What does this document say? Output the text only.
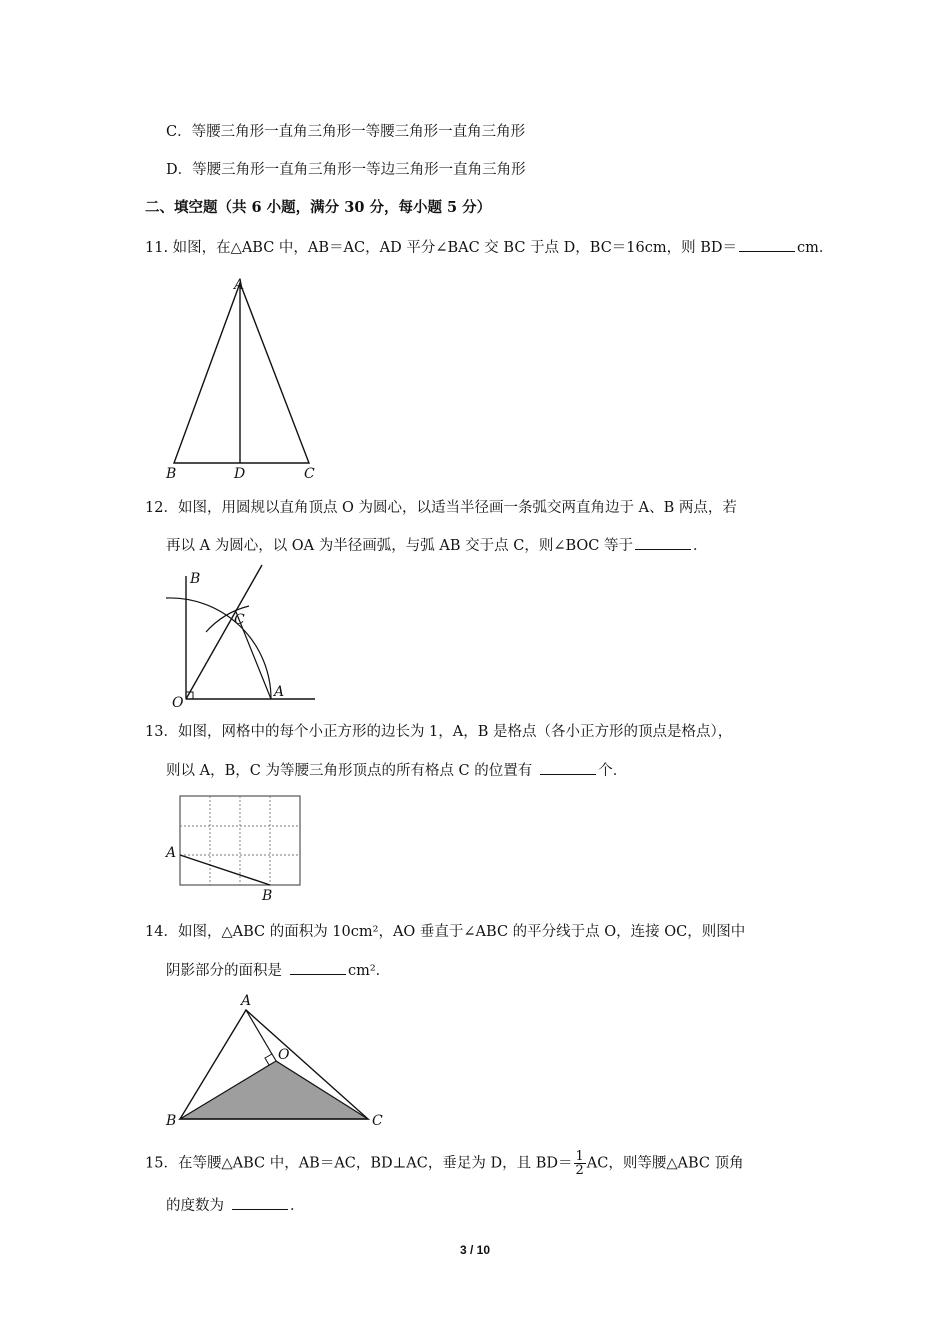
C．等腰三角形一直角三角形一等腰三角形一直角三角形
D．等腰三角形一直角三角形一等边三角形一直角三角形
二、填空题（共 6 小题，满分 30 分，每小题 5 分）
11. 如图，在△ABC 中，AB＝AC，AD 平分∠BAC 交 BC 于点 D，BC＝16cm，则 BD＝	cm．
A
B	D	C
12．如图，用圆规以直角顶点 O 为圆心，以适当半径画一条弧交两直角边于 A、B 两点，若
再以 A 为圆心，以 OA 为半径画弧，与弧 AB 交于点 C，则∠BOC 等于	．
B
C
O
A
13．如图，网格中的每个小正方形的边长为 1，A，B 是格点（各小正方形的顶点是格点），
则以 A，B，C 为等腰三角形顶点的所有格点 C 的位置有	个．
A
B
14．如图，△ABC 的面积为 10cm²，AO 垂直于∠ABC 的平分线于点 O，连接 OC，则图中
阴影部分的面积是	cm²．
A
O
B	C
15．在等腰△ABC 中，AB＝AC，BD⊥AC，垂足为 D，且 $BD= \frac{1}{2}$ AC，则等腰△ABC 顶角
的度数为	．
3 / 10
